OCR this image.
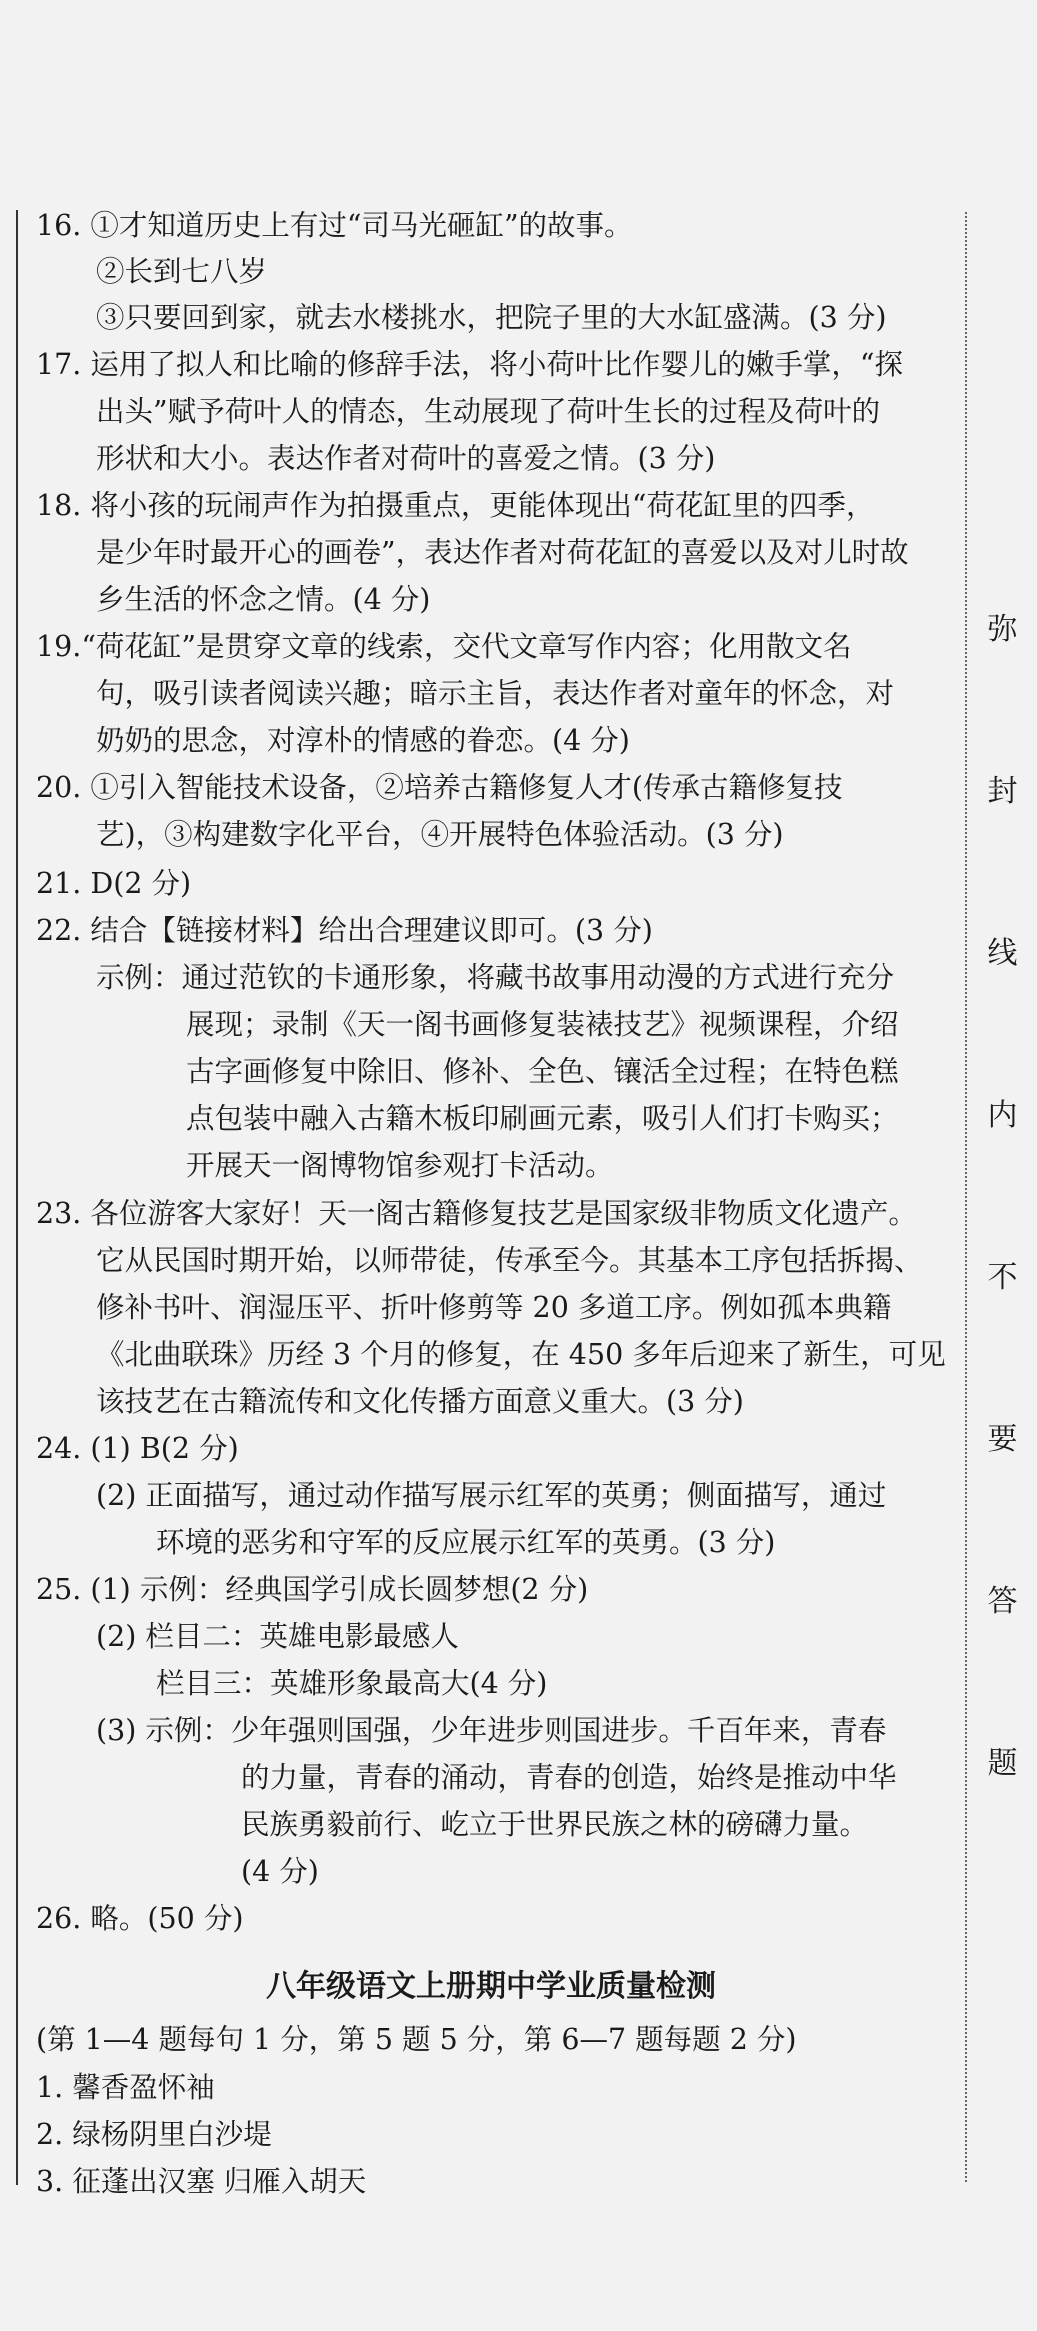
16. ①才知道历史上有过“司马光砸缸”的故事。
②长到七八岁
③只要回到家，就去水楼挑水，把院子里的大水缸盛满。(3 分)
17. 运用了拟人和比喻的修辞手法，将小荷叶比作婴儿的嫩手掌，“探
出头”赋予荷叶人的情态，生动展现了荷叶生长的过程及荷叶的
形状和大小。表达作者对荷叶的喜爱之情。(3 分)
18. 将小孩的玩闹声作为拍摄重点，更能体现出“荷花缸里的四季，
是少年时最开心的画卷”，表达作者对荷花缸的喜爱以及对儿时故
乡生活的怀念之情。(4 分)
19.“荷花缸”是贯穿文章的线索，交代文章写作内容；化用散文名
句，吸引读者阅读兴趣；暗示主旨，表达作者对童年的怀念，对
奶奶的思念，对淳朴的情感的眷恋。(4 分)
20. ①引入智能技术设备，②培养古籍修复人才(传承古籍修复技
艺)，③构建数字化平台，④开展特色体验活动。(3 分)
21. D(2 分)
22. 结合【链接材料】给出合理建议即可。(3 分)
示例：通过范钦的卡通形象，将藏书故事用动漫的方式进行充分
展现；录制《天一阁书画修复装裱技艺》视频课程，介绍
古字画修复中除旧、修补、全色、镶活全过程；在特色糕
点包装中融入古籍木板印刷画元素，吸引人们打卡购买；
开展天一阁博物馆参观打卡活动。
23. 各位游客大家好！天一阁古籍修复技艺是国家级非物质文化遗产。
它从民国时期开始，以师带徒，传承至今。其基本工序包括拆揭、
修补书叶、润湿压平、折叶修剪等 20 多道工序。例如孤本典籍
《北曲联珠》历经 3 个月的修复，在 450 多年后迎来了新生，可见
该技艺在古籍流传和文化传播方面意义重大。(3 分)
24. (1) B(2 分)
(2) 正面描写，通过动作描写展示红军的英勇；侧面描写，通过
环境的恶劣和守军的反应展示红军的英勇。(3 分)
25. (1) 示例：经典国学引成长圆梦想(2 分)
(2) 栏目二：英雄电影最感人
栏目三：英雄形象最高大(4 分)
(3) 示例：少年强则国强，少年进步则国进步。千百年来，青春
的力量，青春的涌动，青春的创造，始终是推动中华
民族勇毅前行、屹立于世界民族之林的磅礴力量。
(4 分)
26. 略。(50 分)
(第 1—4 题每句 1 分，第 5 题 5 分，第 6—7 题每题 2 分)
1. 馨香盈怀袖
2. 绿杨阴里白沙堤
3. 征蓬出汉塞 归雁入胡天
八年级语文上册期中学业质量检测
弥
封
线
内
不
要
答
题
